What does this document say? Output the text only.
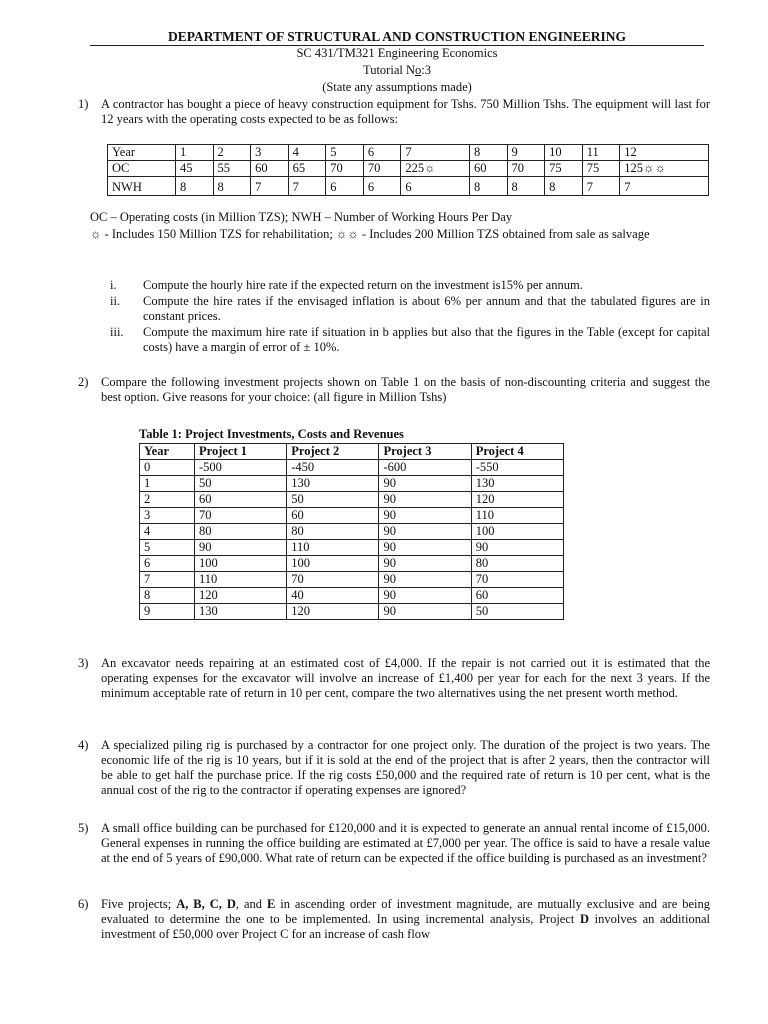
DEPARTMENT OF STRUCTURAL AND CONSTRUCTION ENGINEERING
SC 431/TM321 Engineering Economics
Tutorial No:3
(State any assumptions made)
1)	A contractor has bought a piece of heavy construction equipment for Tshs. 750 Million Tshs. The equipment will last for 12 years with the operating costs expected to be as follows:
Year	1	2	3	4	5	6	7	8	9	10	11	12
OC	45	55	60	65	70	70	225☼	60	70	75	75	125☼☼
NWH	8	8	7	7	6	6	6	8	8	8	7	7
OC – Operating costs (in Million TZS); NWH – Number of Working Hours Per Day
☼ - Includes 150 Million TZS for rehabilitation; ☼☼ - Includes 200 Million TZS obtained from sale as salvage
i.	Compute the hourly hire rate if the expected return on the investment is15% per annum.
ii.	Compute the hire rates if the envisaged inflation is about 6% per annum and that the tabulated figures are in constant prices.
iii.	Compute the maximum hire rate if situation in b applies but also that the figures in the Table (except for capital costs) have a margin of error of ± 10%.
2)	Compare the following investment projects shown on Table 1 on the basis of non-discounting criteria and suggest the best option. Give reasons for your choice: (all figure in Million Tshs)
Table 1: Project Investments, Costs and Revenues
Year	Project 1	Project 2	Project 3	Project 4
0	-500	-450	-600	-550
1	50	130	90	130
2	60	50	90	120
3	70	60	90	110
4	80	80	90	100
5	90	110	90	90
6	100	100	90	80
7	110	70	90	70
8	120	40	90	60
9	130	120	90	50
3)	An excavator needs repairing at an estimated cost of £4,000. If the repair is not carried out it is estimated that the operating expenses for the excavator will involve an increase of £1,400 per year for each for the next 3 years. If the minimum acceptable rate of return in 10 per cent, compare the two alternatives using the net present worth method.
4)	A specialized piling rig is purchased by a contractor for one project only. The duration of the project is two years. The economic life of the rig is 10 years, but if it is sold at the end of the project that is after 2 years, then the contractor will be able to get half the purchase price. If the rig costs £50,000 and the required rate of return is 10 per cent, what is the annual cost of the rig to the contractor if operating expenses are ignored?
5)	A small office building can be purchased for £120,000 and it is expected to generate an annual rental income of £15,000. General expenses in running the office building are estimated at £7,000 per year. The office is said to have a resale value at the end of 5 years of £90,000. What rate of return can be expected if the office building is purchased as an investment?
6)	Five projects; A, B, C, D, and E in ascending order of investment magnitude, are mutually exclusive and are being evaluated to determine the one to be implemented. In using incremental analysis, Project D involves an additional investment of £50,000 over Project C for an increase of cash flow
